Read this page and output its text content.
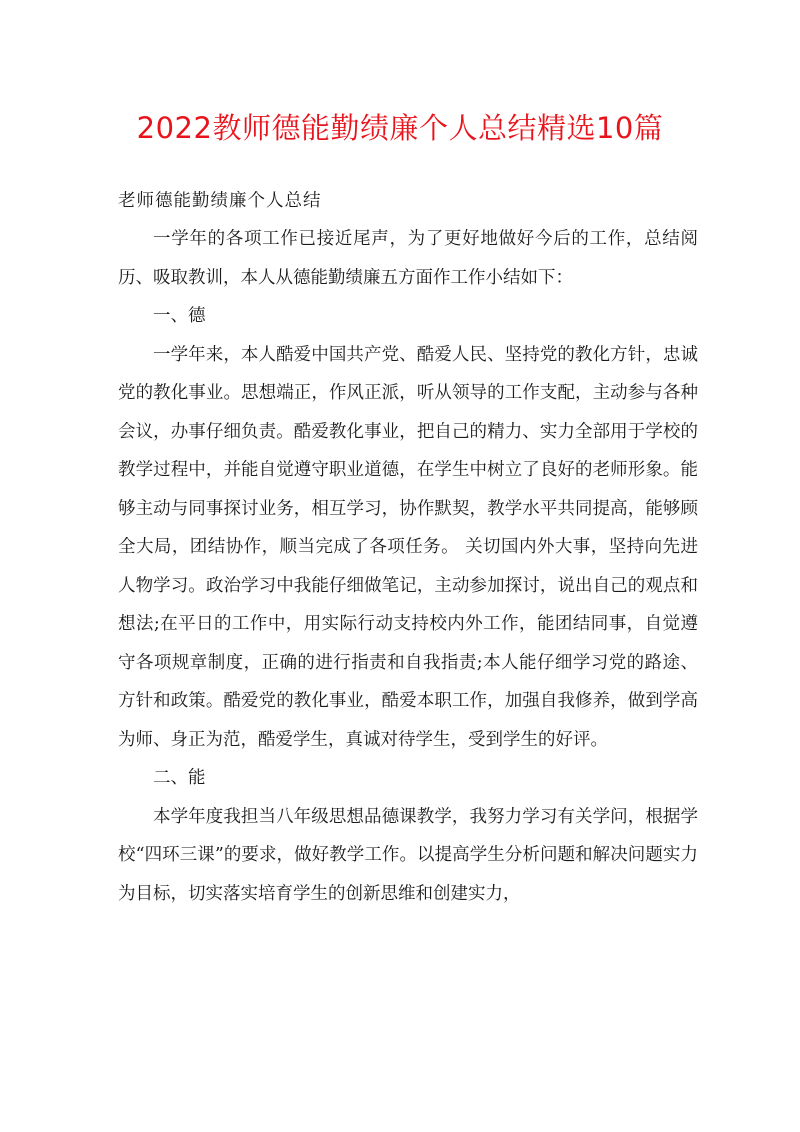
2022教师德能勤绩廉个人总结精选10篇

老师德能勤绩廉个人总结

一学年的各项工作已接近尾声，为了更好地做好今后的工作，总结阅历、吸取教训，本人从德能勤绩廉五方面作工作小结如下：

一、德

一学年来，本人酷爱中国共产党、酷爱人民、坚持党的教化方针，忠诚党的教化事业。思想端正，作风正派，听从领导的工作支配，主动参与各种会议，办事仔细负责。酷爱教化事业，把自己的精力、实力全部用于学校的教学过程中，并能自觉遵守职业道德，在学生中树立了良好的老师形象。能够主动与同事探讨业务，相互学习，协作默契，教学水平共同提高，能够顾全大局，团结协作，顺当完成了各项任务。 关切国内外大事，坚持向先进人物学习。政治学习中我能仔细做笔记，主动参加探讨，说出自己的观点和想法;在平日的工作中，用实际行动支持校内外工作，能团结同事，自觉遵守各项规章制度，正确的进行指责和自我指责;本人能仔细学习党的路途、方针和政策。酷爱党的教化事业，酷爱本职工作，加强自我修养，做到学高为师、身正为范，酷爱学生，真诚对待学生，受到学生的好评。

二、能

本学年度我担当八年级思想品德课教学，我努力学习有关学问，根据学校“四环三课”的要求，做好教学工作。以提高学生分析问题和解决问题实力为目标，切实落实培育学生的创新思维和创建实力，
